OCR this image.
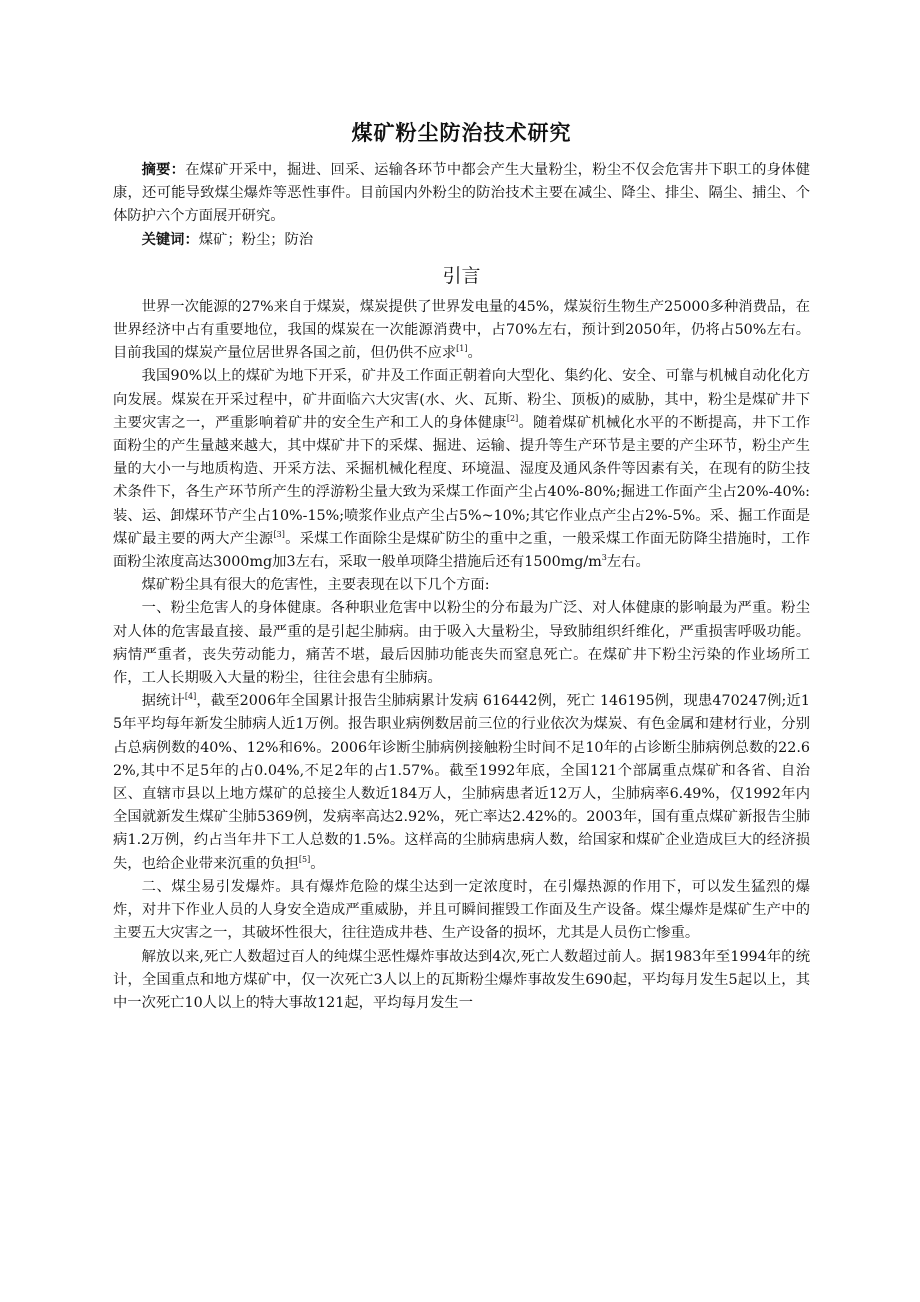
煤矿粉尘防治技术研究

摘要：在煤矿开采中，掘进、回采、运输各环节中都会产生大量粉尘，粉尘不仅会危害井下职工的身体健康，还可能导致煤尘爆炸等恶性事件。目前国内外粉尘的防治技术主要在减尘、降尘、排尘、隔尘、捕尘、个体防护六个方面展开研究。

关键词：煤矿；粉尘；防治

引言

世界一次能源的27%来自于煤炭，煤炭提供了世界发电量的45%，煤炭衍生物生产25000多种消费品，在世界经济中占有重要地位，我国的煤炭在一次能源消费中，占70%左右，预计到2050年，仍将占50%左右。目前我国的煤炭产量位居世界各国之前，但仍供不应求[1]。

我国90%以上的煤矿为地下开采，矿井及工作面正朝着向大型化、集约化、安全、可靠与机械自动化化方向发展。煤炭在开采过程中，矿井面临六大灾害(水、火、瓦斯、粉尘、顶板)的威胁，其中，粉尘是煤矿井下主要灾害之一，严重影响着矿井的安全生产和工人的身体健康[2]。随着煤矿机械化水平的不断提高，井下工作面粉尘的产生量越来越大，其中煤矿井下的采煤、掘进、运输、提升等生产环节是主要的产尘环节，粉尘产生量的大小一与地质构造、开采方法、采掘机械化程度、环境温、湿度及通风条件等因素有关，在现有的防尘技术条件下，各生产环节所产生的浮游粉尘量大致为采煤工作面产尘占40%-80%;掘进工作面产尘占20%-40%:装、运、卸煤环节产尘占10%-15%;喷浆作业点产尘占5%~10%;其它作业点产尘占2%-5%。采、掘工作面是煤矿最主要的两大产尘源[3]。采煤工作面除尘是煤矿防尘的重中之重，一般采煤工作面无防降尘措施时，工作面粉尘浓度高达3000mg加3左右，采取一般单项降尘措施后还有$1500mg/m^3$左右。

煤矿粉尘具有很大的危害性，主要表现在以下几个方面:

一、粉尘危害人的身体健康。各种职业危害中以粉尘的分布最为广泛、对人体健康的影响最为严重。粉尘对人体的危害最直接、最严重的是引起尘肺病。由于吸入大量粉尘，导致肺组织纤维化，严重损害呼吸功能。病情严重者，丧失劳动能力，痛苦不堪，最后因肺功能丧失而窒息死亡。在煤矿井下粉尘污染的作业场所工作，工人长期吸入大量的粉尘，往往会患有尘肺病。

据统计[4]，截至2006年全国累计报告尘肺病累计发病 616442例，死亡 146195例，现患470247例;近15年平均每年新发尘肺病人近1万例。报告职业病例数居前三位的行业依次为煤炭、有色金属和建材行业，分别占总病例数的40%、12%和6%。2006年诊断尘肺病例接触粉尘时间不足10年的占诊断尘肺病例总数的22.62%,其中不足5年的占0.04%,不足2年的占1.57%。截至1992年底，全国121个部属重点煤矿和各省、自治区、直辖市县以上地方煤矿的总接尘人数近184万人，尘肺病患者近12万人，尘肺病率6.49%，仅1992年内全国就新发生煤矿尘肺5369例，发病率高达2.92%，死亡率达2.42%的。2003年，国有重点煤矿新报告尘肺病1.2万例，约占当年井下工人总数的1.5%。这样高的尘肺病患病人数，给国家和煤矿企业造成巨大的经济损失，也给企业带来沉重的负担[5]。

二、煤尘易引发爆炸。具有爆炸危险的煤尘达到一定浓度时，在引爆热源的作用下，可以发生猛烈的爆炸，对井下作业人员的人身安全造成严重威胁，并且可瞬间摧毁工作面及生产设备。煤尘爆炸是煤矿生产中的主要五大灾害之一，其破坏性很大，往往造成井巷、生产设备的损坏，尤其是人员伤亡惨重。

解放以来,死亡人数超过百人的纯煤尘恶性爆炸事故达到4次,死亡人数超过前人。据1983年至1994年的统计，全国重点和地方煤矿中，仅一次死亡3人以上的瓦斯粉尘爆炸事故发生690起，平均每月发生5起以上，其中一次死亡10人以上的特大事故121起，平均每月发生一
